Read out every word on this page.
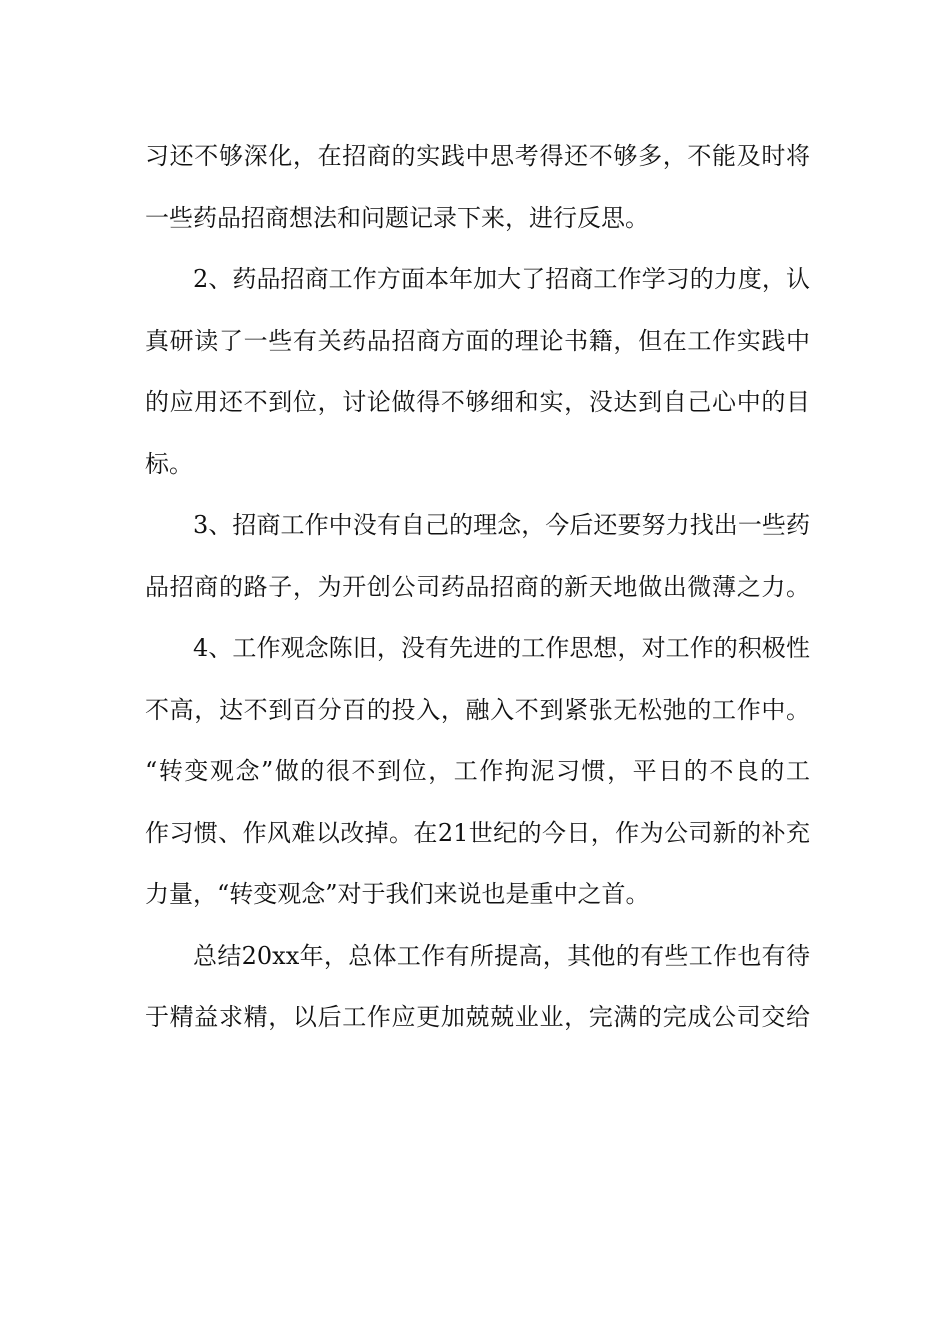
习还不够深化，在招商的实践中思考得还不够多，不能及时将
一些药品招商想法和问题记录下来，进行反思。
2、药品招商工作方面本年加大了招商工作学习的力度，认
真研读了一些有关药品招商方面的理论书籍，但在工作实践中
的应用还不到位，讨论做得不够细和实，没达到自己心中的目
标。
3、招商工作中没有自己的理念，今后还要努力找出一些药
品招商的路子，为开创公司药品招商的新天地做出微薄之力。
4、工作观念陈旧，没有先进的工作思想，对工作的积极性
不高，达不到百分百的投入，融入不到紧张无松弛的工作中。
“转变观念”做的很不到位，工作拘泥习惯，平日的不良的工
作习惯、作风难以改掉。在21世纪的今日，作为公司新的补充
力量，“转变观念”对于我们来说也是重中之首。
总结20xx年，总体工作有所提高，其他的有些工作也有待
于精益求精，以后工作应更加兢兢业业，完满的完成公司交给
